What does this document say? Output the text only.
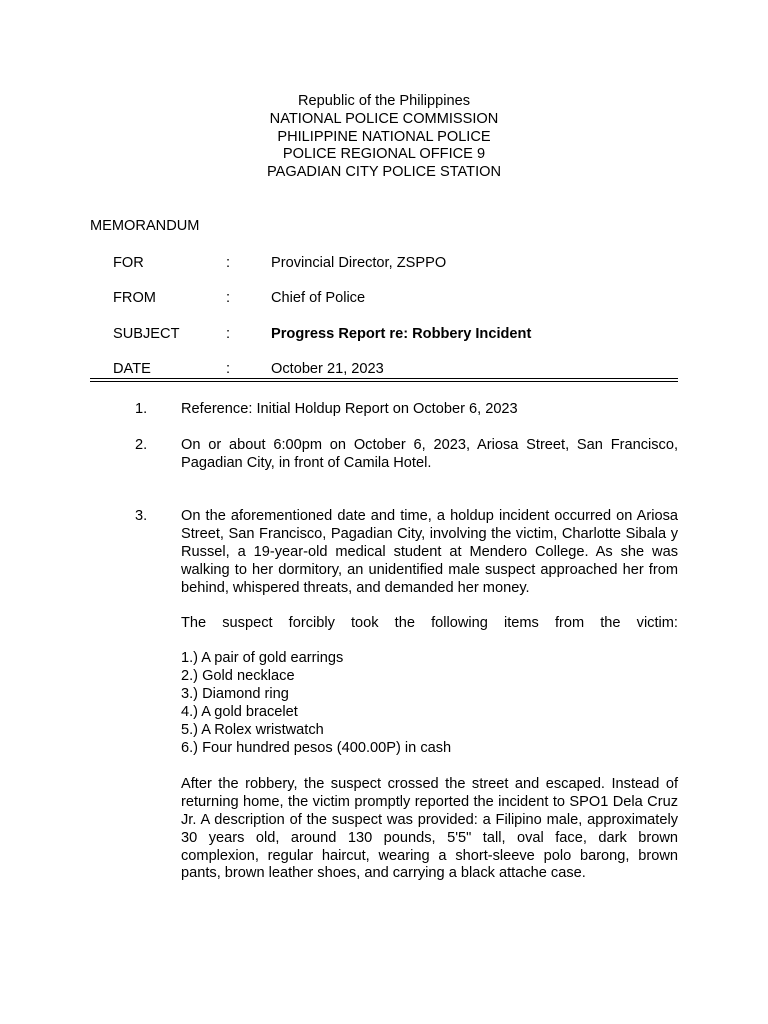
Republic of the Philippines
NATIONAL POLICE COMMISSION
PHILIPPINE NATIONAL POLICE
POLICE REGIONAL OFFICE 9
PAGADIAN CITY POLICE STATION
MEMORANDUM
FOR	:	Provincial Director, ZSPPO
FROM	:	Chief of Police
SUBJECT	:	Progress Report re: Robbery Incident
DATE	:	October 21, 2023
1. Reference: Initial Holdup Report on October 6, 2023

2. On or about 6:00pm on October 6, 2023, Ariosa Street, San Francisco, Pagadian City, in front of Camila Hotel.

3. On the aforementioned date and time, a holdup incident occurred on Ariosa Street, San Francisco, Pagadian City, involving the victim, Charlotte Sibala y Russel, a 19-year-old medical student at Mendero College. As she was walking to her dormitory, an unidentified male suspect approached her from behind, whispered threats, and demanded her money.

The suspect forcibly took the following items from the victim:

1.) A pair of gold earrings
2.) Gold necklace
3.) Diamond ring
4.) A gold bracelet
5.) A Rolex wristwatch
6.) Four hundred pesos (400.00P) in cash

After the robbery, the suspect crossed the street and escaped. Instead of returning home, the victim promptly reported the incident to SPO1 Dela Cruz Jr. A description of the suspect was provided: a Filipino male, approximately 30 years old, around 130 pounds, 5'5" tall, oval face, dark brown complexion, regular haircut, wearing a short-sleeve polo barong, brown pants, brown leather shoes, and carrying a black attache case.
